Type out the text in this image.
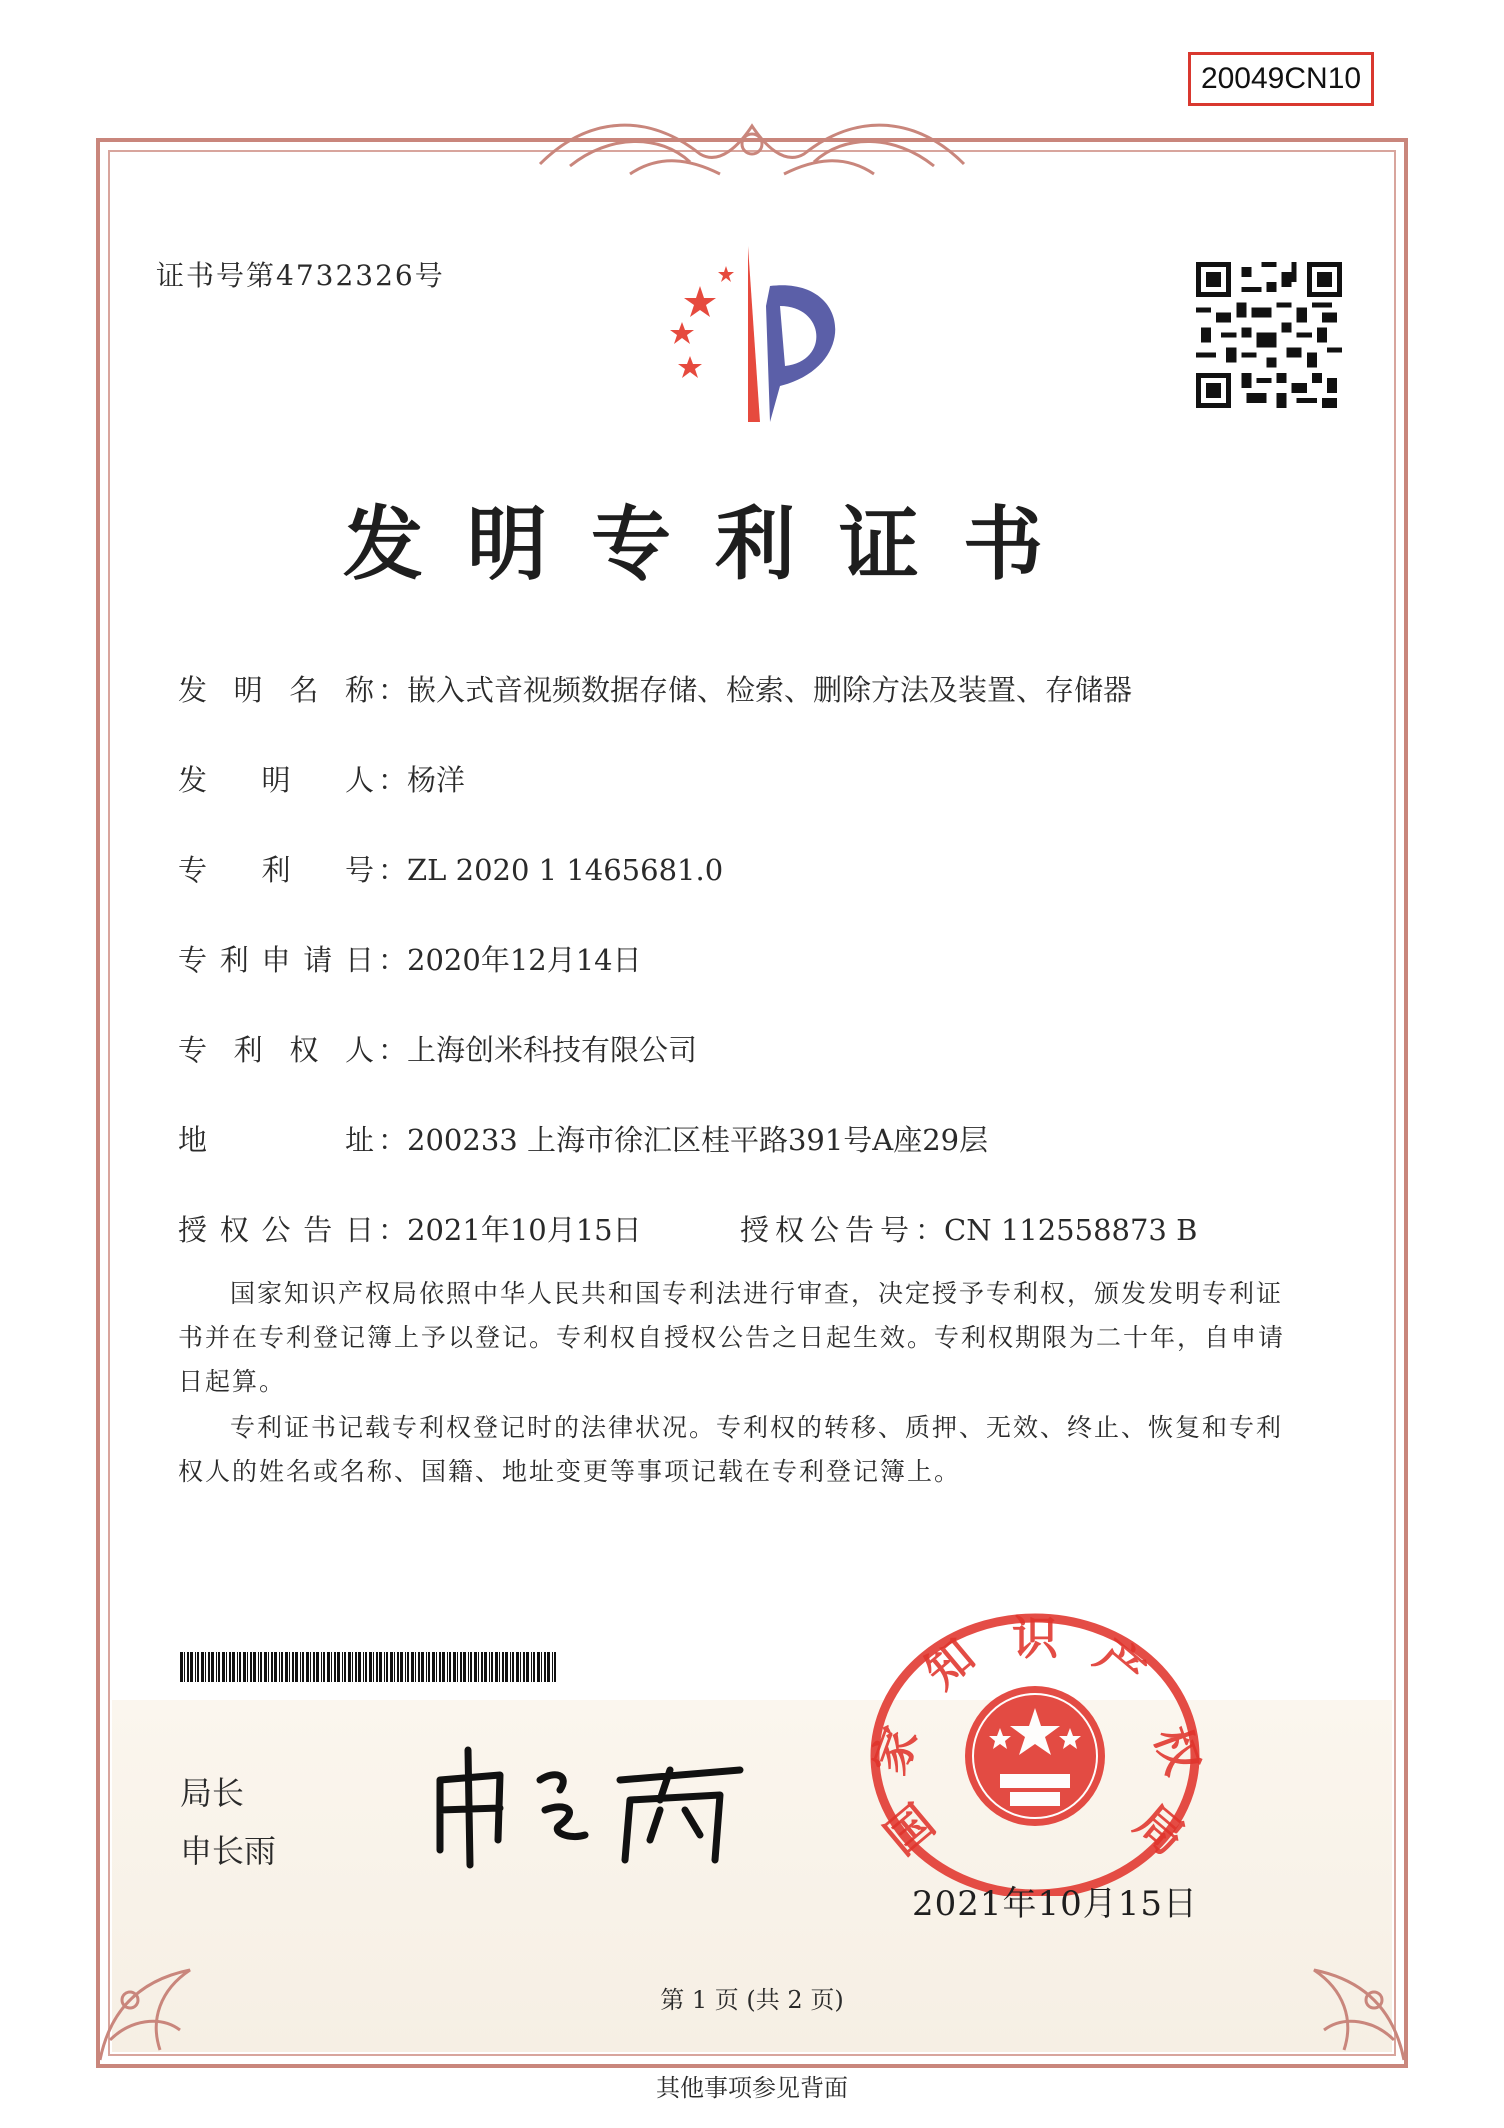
20049CN10
证书号第4732326号
发明专利证书
发明名称 ：嵌入式音视频数据存储、检索、删除方法及装置、存储器
发明人 ：杨洋
专利号 ：ZL 2020 1 1465681.0
专利申请日 ：2020年12月14日
专利权人 ：上海创米科技有限公司
地址 ：200233 上海市徐汇区桂平路391号A座29层
授权公告日 ：2021年10月15日	授权公告号：CN 112558873 B

国家知识产权局依照中华人民共和国专利法进行审查，决定授予专利权，颁发发明专利证书并在专利登记簿上予以登记。专利权自授权公告之日起生效。专利权期限为二十年，自申请日起算。

专利证书记载专利权登记时的法律状况。专利权的转移、质押、无效、终止、恢复和专利权人的姓名或名称、国籍、地址变更等事项记载在专利登记簿上。

局长
申长雨
家
国
知 识 产
权
局
2021年10月15日
第 1 页 (共 2 页)
其他事项参见背面
